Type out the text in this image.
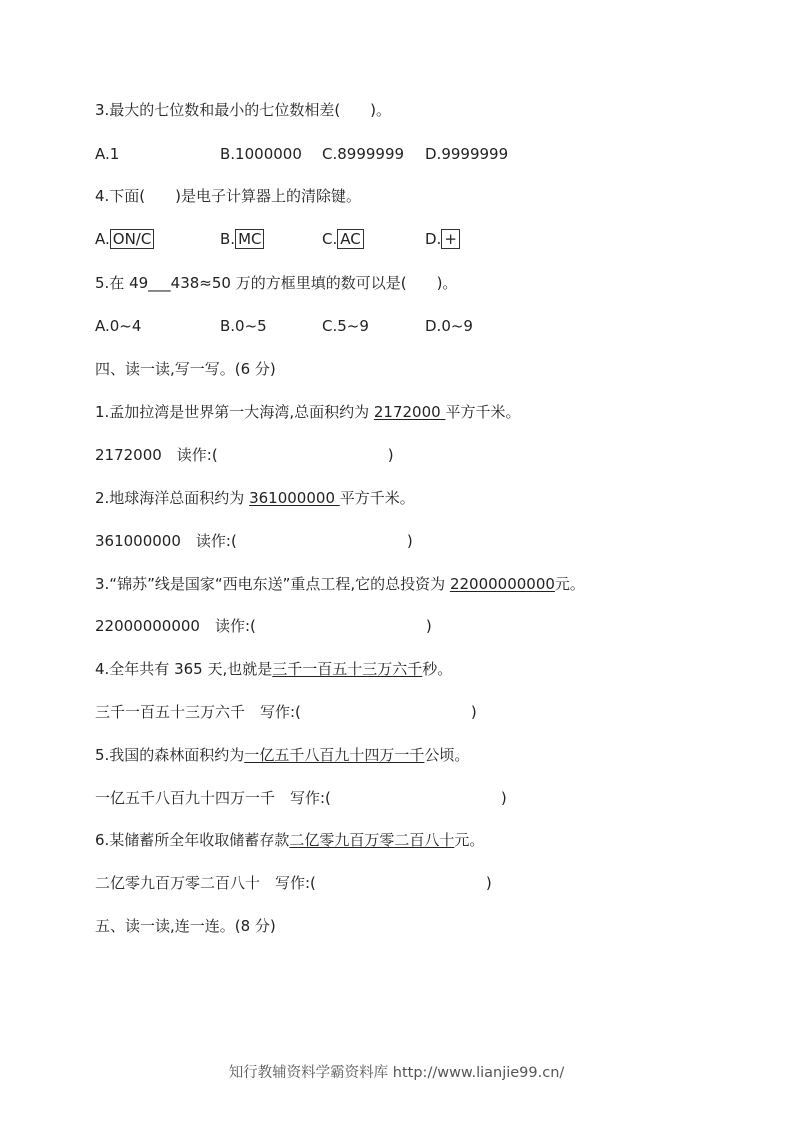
3.最大的七位数和最小的七位数相差(　　)。
A.1	B.1000000 C.8999999 D.9999999
4.下面(　　)是电子计算器上的清除键。
A. ON/C	B. MC	C. AC	D. +
5.在 49___438≈50 万的方框里填的数可以是(　　)。
A.0~4	B.0~5	C.5~9	D.0~9
四、读一读,写一写。(6 分)
1.孟加拉湾是世界第一大海湾,总面积约为 2172000 平方千米。
2172000　读作:(	)
2.地球海洋总面积约为 361000000 平方千米。
361000000　读作:(	)
3.“锦苏”线是国家“西电东送”重点工程,它的总投资为 22000000000元。
22000000000　读作:(	)
4.全年共有 365 天,也就是三千一百五十三万六千秒。
三千一百五十三万六千　写作:(	)
5.我国的森林面积约为一亿五千八百九十四万一千公顷。
一亿五千八百九十四万一千　写作:(	)
6.某储蓄所全年收取储蓄存款二亿零九百万零二百八十元。
二亿零九百万零二百八十　写作:(	)
五、读一读,连一连。(8 分)
知行教辅资料学霸资料库 http://www.lianjie99.cn/
